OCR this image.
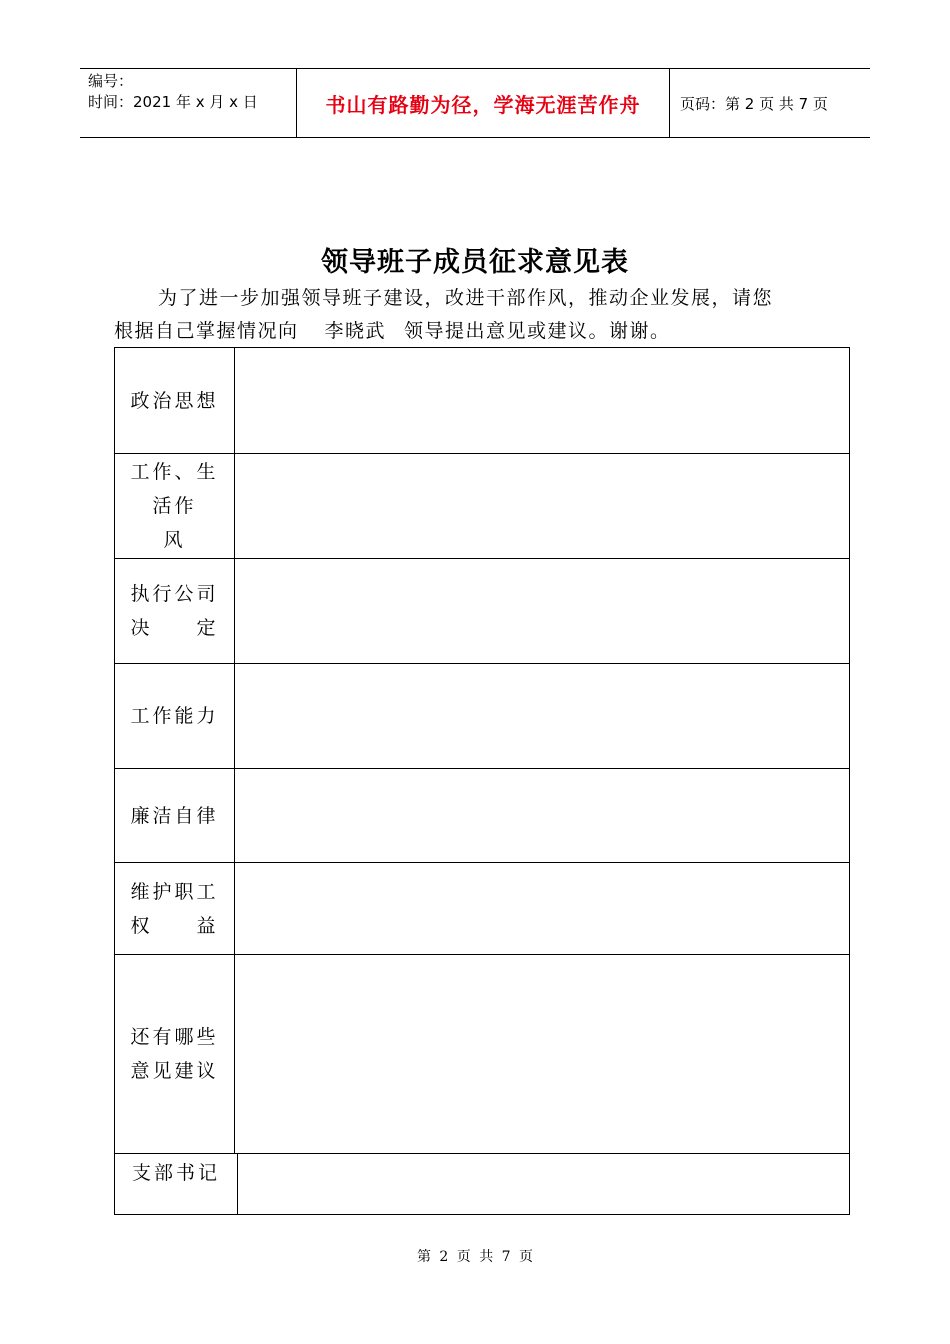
编号：
时间：2021 年 x 月 x 日	书山有路勤为径，学海无涯苦作舟	页码：第 2 页 共 7 页
领导班子成员征求意见表
为了进一步加强领导班子建设，改进干部作风，推动企业发展，请您
根据自己掌握情况向 李晓武 领导提出意见或建议。谢谢。
政治思想
工作、生
活作
风
执行公司
决　　定
工作能力
廉洁自律
维护职工
权　　益
还有哪些
意见建议
支部书记
第 2 页 共 7 页
